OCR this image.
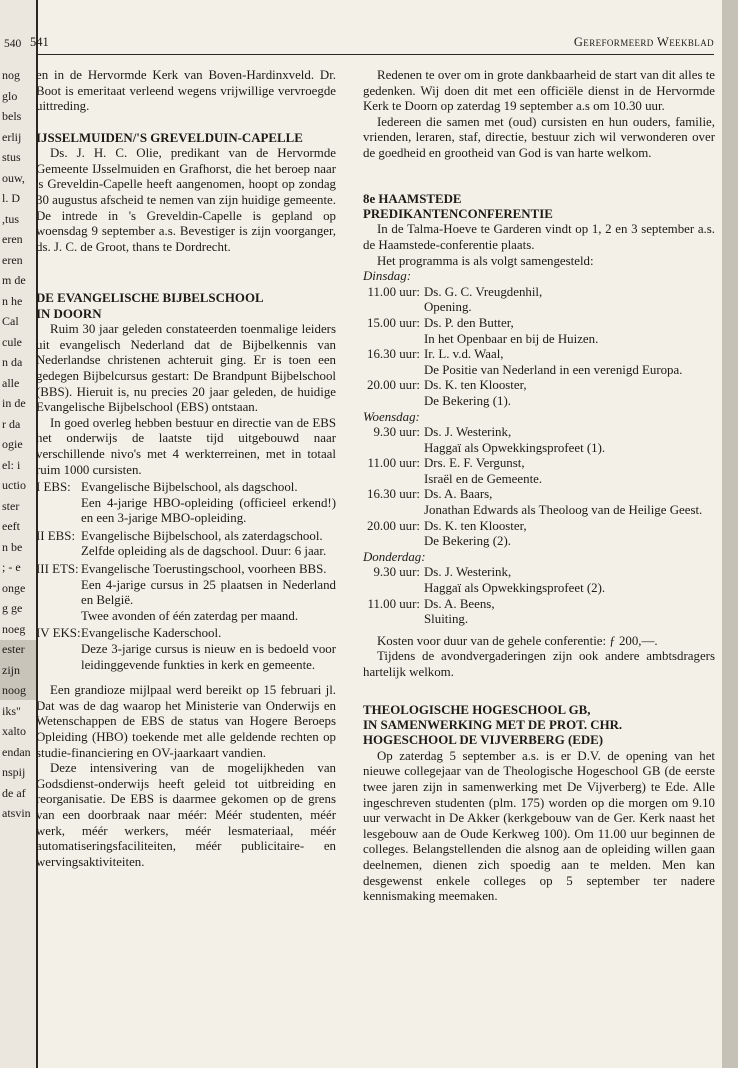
540
nog
glo
bels
erlij
stus
ouw,
l. D
,tus
eren
eren
m de
n he
Cal
cule
n da
alle
in de
r da
ogie
el: i
uctio
ster
eeft
n be
; - e
onge
g ge
noeg
ester
zijn
noog
iks"
xalto
endan
nspij
de af
atsvin
541	Gereformeerd Weekblad

en in de Hervormde Kerk van Boven-Hardinxveld. Dr. Boot is emeritaat verleend wegens vrijwillige vervroegde uittreding.

IJSSELMUIDEN/'S GREVELDUIN-CAPELLE

Ds. J. H. C. Olie, predikant van de Hervormde Gemeente IJsselmuiden en Grafhorst, die het beroep naar 's Greveldin-Capelle heeft aangenomen, hoopt op zondag 30 augustus afscheid te nemen van zijn huidige gemeente. De intrede in 's Greveldin-Capelle is gepland op woensdag 9 september a.s. Bevestiger is zijn voorganger, ds. J. C. de Groot, thans te Dordrecht.

DE EVANGELISCHE BIJBELSCHOOL
IN DOORN

Ruim 30 jaar geleden constateerden toenmalige leiders uit evangelisch Nederland dat de Bijbelkennis van Nederlandse christenen achteruit ging. Er is toen een gedegen Bijbelcursus gestart: De Brandpunt Bijbelschool (BBS). Hieruit is, nu precies 20 jaar geleden, de huidige Evangelische Bijbelschool (EBS) ontstaan.

In goed overleg hebben bestuur en directie van de EBS het onderwijs de laatste tijd uitgebouwd naar verschillende nivo's met 4 werkterreinen, met in totaal ruim 1000 cursisten.

I EBS: Evangelische Bijbelschool, als dagschool.

Een 4-jarige HBO-opleiding (officieel erkend!) en een 3-jarige MBO-opleiding.

II EBS: Evangelische Bijbelschool, als zaterdagschool.

Zelfde opleiding als de dagschool. Duur: 6 jaar.

III ETS: Evangelische Toerustingschool, voorheen BBS.

Een 4-jarige cursus in 25 plaatsen in Nederland en België.

Twee avonden of één zaterdag per maand.

IV EKS: Evangelische Kaderschool.

Deze 3-jarige cursus is nieuw en is bedoeld voor leidinggevende funkties in kerk en gemeente.

Een grandioze mijlpaal werd bereikt op 15 februari jl. Dat was de dag waarop het Ministerie van Onderwijs en Wetenschappen de EBS de status van Hogere Beroeps Opleiding (HBO) toekende met alle geldende rechten op studie-financiering en OV-jaarkaart vandien.

Deze intensivering van de mogelijkheden van Godsdienst-onderwijs heeft geleid tot uitbreiding en reorganisatie. De EBS is daarmee gekomen op de grens van een doorbraak naar méér: Méér studenten, méér werk, méér werkers, méér lesmateriaal, méér automatiseringsfaciliteiten, méér publicitaire- en wervingsaktiviteiten.

Redenen te over om in grote dankbaarheid de start van dit alles te gedenken. Wij doen dit met een officiële dienst in de Hervormde Kerk te Doorn op zaterdag 19 september a.s om 10.30 uur.

Iedereen die samen met (oud) cursisten en hun ouders, familie, vrienden, leraren, staf, directie, bestuur zich wil verwonderen over de goedheid en grootheid van God is van harte welkom.

8e HAAMSTEDE
PREDIKANTENCONFERENTIE

In de Talma-Hoeve te Garderen vindt op 1, 2 en 3 september a.s. de Haamstede-conferentie plaats.

Het programma is als volgt samengesteld:

Dinsdag:
11.00 uur: Ds. G. C. Vreugdenhil,
Opening.
15.00 uur: Ds. P. den Butter,
In het Openbaar en bij de Huizen.
16.30 uur: Ir. L. v.d. Waal,
De Positie van Nederland in een verenigd Europa.
20.00 uur: Ds. K. ten Klooster,
De Bekering (1).
Woensdag:
9.30 uur: Ds. J. Westerink,
Haggaï als Opwekkingsprofeet (1).
11.00 uur: Drs. E. F. Vergunst,
Israël en de Gemeente.
16.30 uur: Ds. A. Baars,
Jonathan Edwards als Theoloog van de Heilige Geest.
20.00 uur: Ds. K. ten Klooster,
De Bekering (2).
Donderdag:
9.30 uur: Ds. J. Westerink,
Haggaï als Opwekkingsprofeet (2).
11.00 uur: Ds. A. Beens,
Sluiting.

Kosten voor duur van de gehele conferentie: ƒ 200,—.

Tijdens de avondvergaderingen zijn ook andere ambtsdragers hartelijk welkom.

THEOLOGISCHE HOGESCHOOL GB,
IN SAMENWERKING MET DE PROT. CHR.
HOGESCHOOL DE VIJVERBERG (EDE)

Op zaterdag 5 september a.s. is er D.V. de opening van het nieuwe collegejaar van de Theologische Hogeschool GB (de eerste twee jaren zijn in samenwerking met De Vijverberg) te Ede. Alle ingeschreven studenten (plm. 175) worden op die morgen om 9.10 uur verwacht in De Akker (kerkgebouw van de Ger. Kerk naast het lesgebouw aan de Oude Kerkweg 100). Om 11.00 uur beginnen de colleges. Belangstellenden die alsnog aan de opleiding willen gaan deelnemen, dienen zich spoedig aan te melden. Men kan desgewenst enkele colleges op 5 september ter nadere kennismaking meemaken.
